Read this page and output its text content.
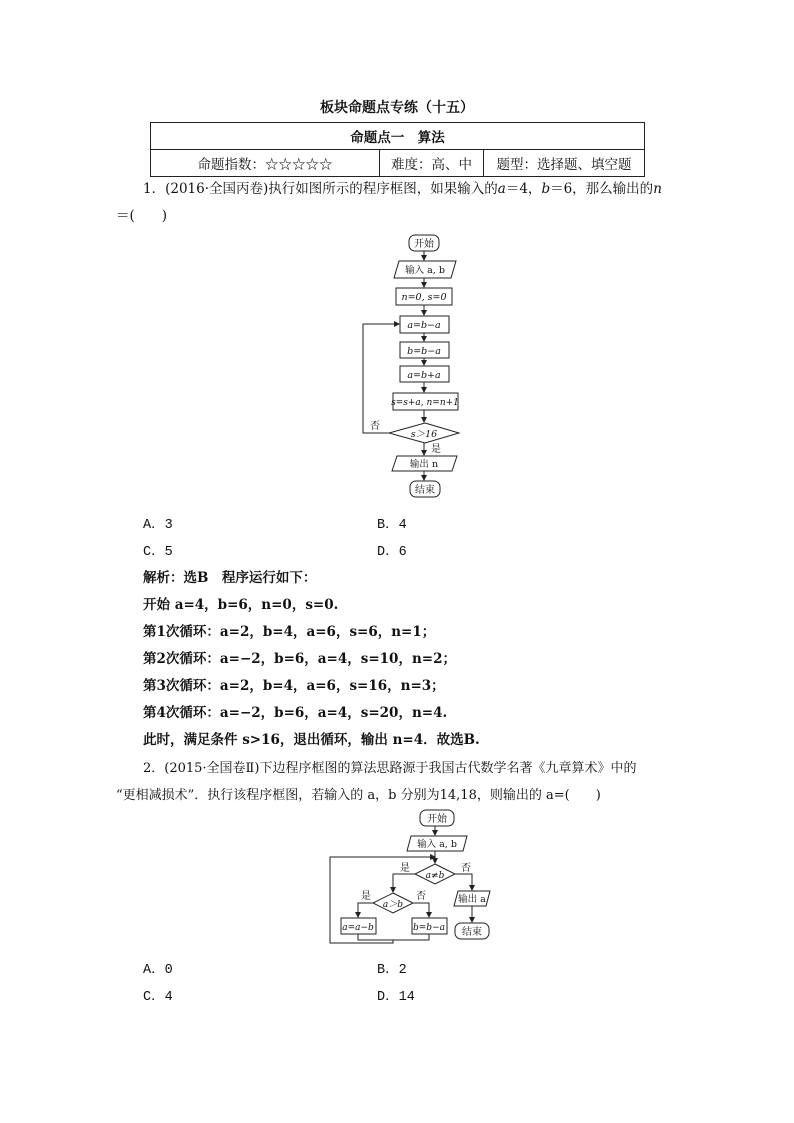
板块命题点专练（十五）
命题点一　算法
命题指数：☆☆☆☆☆	难度：高、中	题型：选择题、填空题
1．(2016·全国丙卷)执行如图所示的程序框图，如果输入的a＝4，b＝6，那么输出的n
＝(　　)
开始
输入 a, b
n=0, s=0
a=b−a
b=b−a
a=b+a
s=s+a, n=n+1
s＞16
否
是
输出 n
结束
A．3	B．4
C．5	D．6
解析：选B　程序运行如下：
开始 a=4，b=6，n=0，s=0.
第1次循环：a=2，b=4，a=6，s=6，n=1；
第2次循环：a=−2，b=6，a=4，s=10，n=2；
第3次循环：a=2，b=4，a=6，s=16，n=3；
第4次循环：a=−2，b=6，a=4，s=20，n=4.
此时，满足条件 s>16，退出循环，输出 n=4．故选B.
2．(2015·全国卷Ⅱ)下边程序框图的算法思路源于我国古代数学名著《九章算术》中的
“更相减损术”．执行该程序框图，若输入的 a，b 分别为14,18，则输出的 a=(　　)
开始
输入 a, b
a≠b
是	否
a＞b
是	否
a=a−b	b=b−a
输出 a
结束
A．0	B．2
C．4	D．14
